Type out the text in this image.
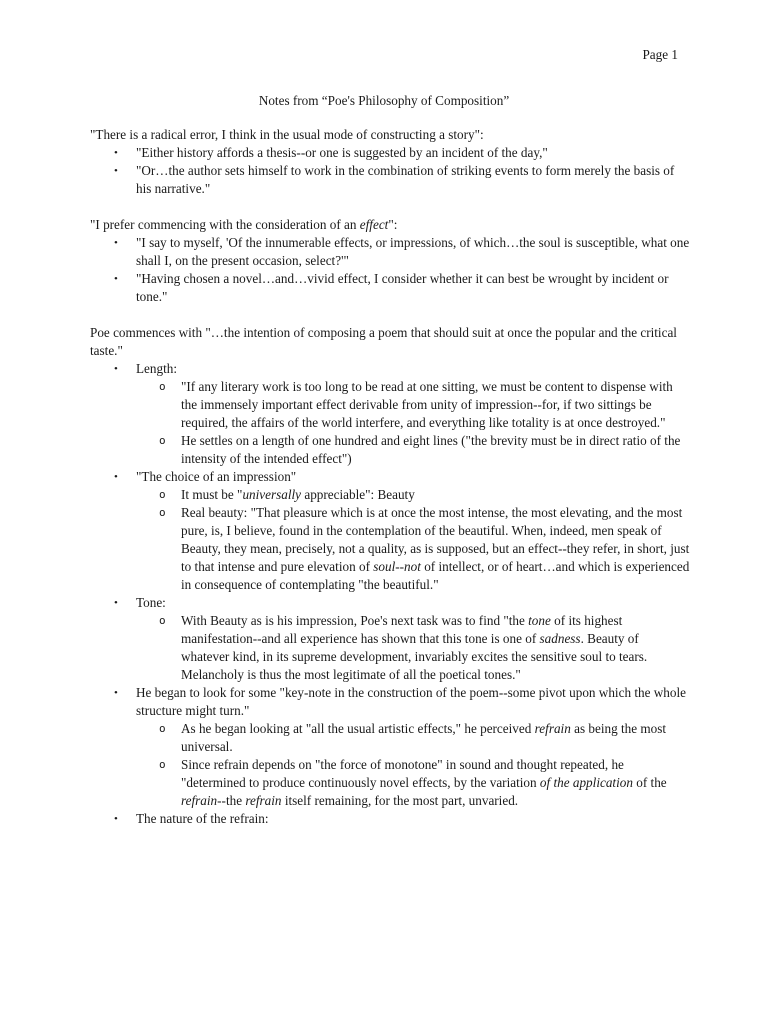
Page 1
Notes from “Poe's Philosophy of Composition”

"There is a radical error, I think in the usual mode of constructing a story":

• "Either history affords a thesis--or one is suggested by an incident of the day,"
• "Or…the author sets himself to work in the combination of striking events to form merely the basis of his narrative."

"I prefer commencing with the consideration of an effect":

• "I say to myself, 'Of the innumerable effects, or impressions, of which…the soul is susceptible, what one shall I, on the present occasion, select?'"
• "Having chosen a novel…and…vivid effect, I consider whether it can best be wrought by incident or tone."

Poe commences with "…the intention of composing a poem that should suit at once the popular and the critical taste."

• Length:
o "If any literary work is too long to be read at one sitting, we must be content to dispense with the immensely important effect derivable from unity of impression--for, if two sittings be required, the affairs of the world interfere, and everything like totality is at once destroyed."
o He settles on a length of one hundred and eight lines ("the brevity must be in direct ratio of the intensity of the intended effect")
• "The choice of an impression"
o It must be "universally appreciable": Beauty
o Real beauty: "That pleasure which is at once the most intense, the most elevating, and the most pure, is, I believe, found in the contemplation of the beautiful. When, indeed, men speak of Beauty, they mean, precisely, not a quality, as is supposed, but an effect--they refer, in short, just to that intense and pure elevation of soul--not of intellect, or of heart…and which is experienced in consequence of contemplating "the beautiful."
• Tone:
o With Beauty as is his impression, Poe's next task was to find "the tone of its highest manifestation--and all experience has shown that this tone is one of sadness. Beauty of whatever kind, in its supreme development, invariably excites the sensitive soul to tears. Melancholy is thus the most legitimate of all the poetical tones."
• He began to look for some "key-note in the construction of the poem--some pivot upon which the whole structure might turn."
o As he began looking at "all the usual artistic effects," he perceived refrain as being the most universal.
o Since refrain depends on "the force of monotone" in sound and thought repeated, he "determined to produce continuously novel effects, by the variation of the application of the refrain--the refrain itself remaining, for the most part, unvaried.
• The nature of the refrain:
